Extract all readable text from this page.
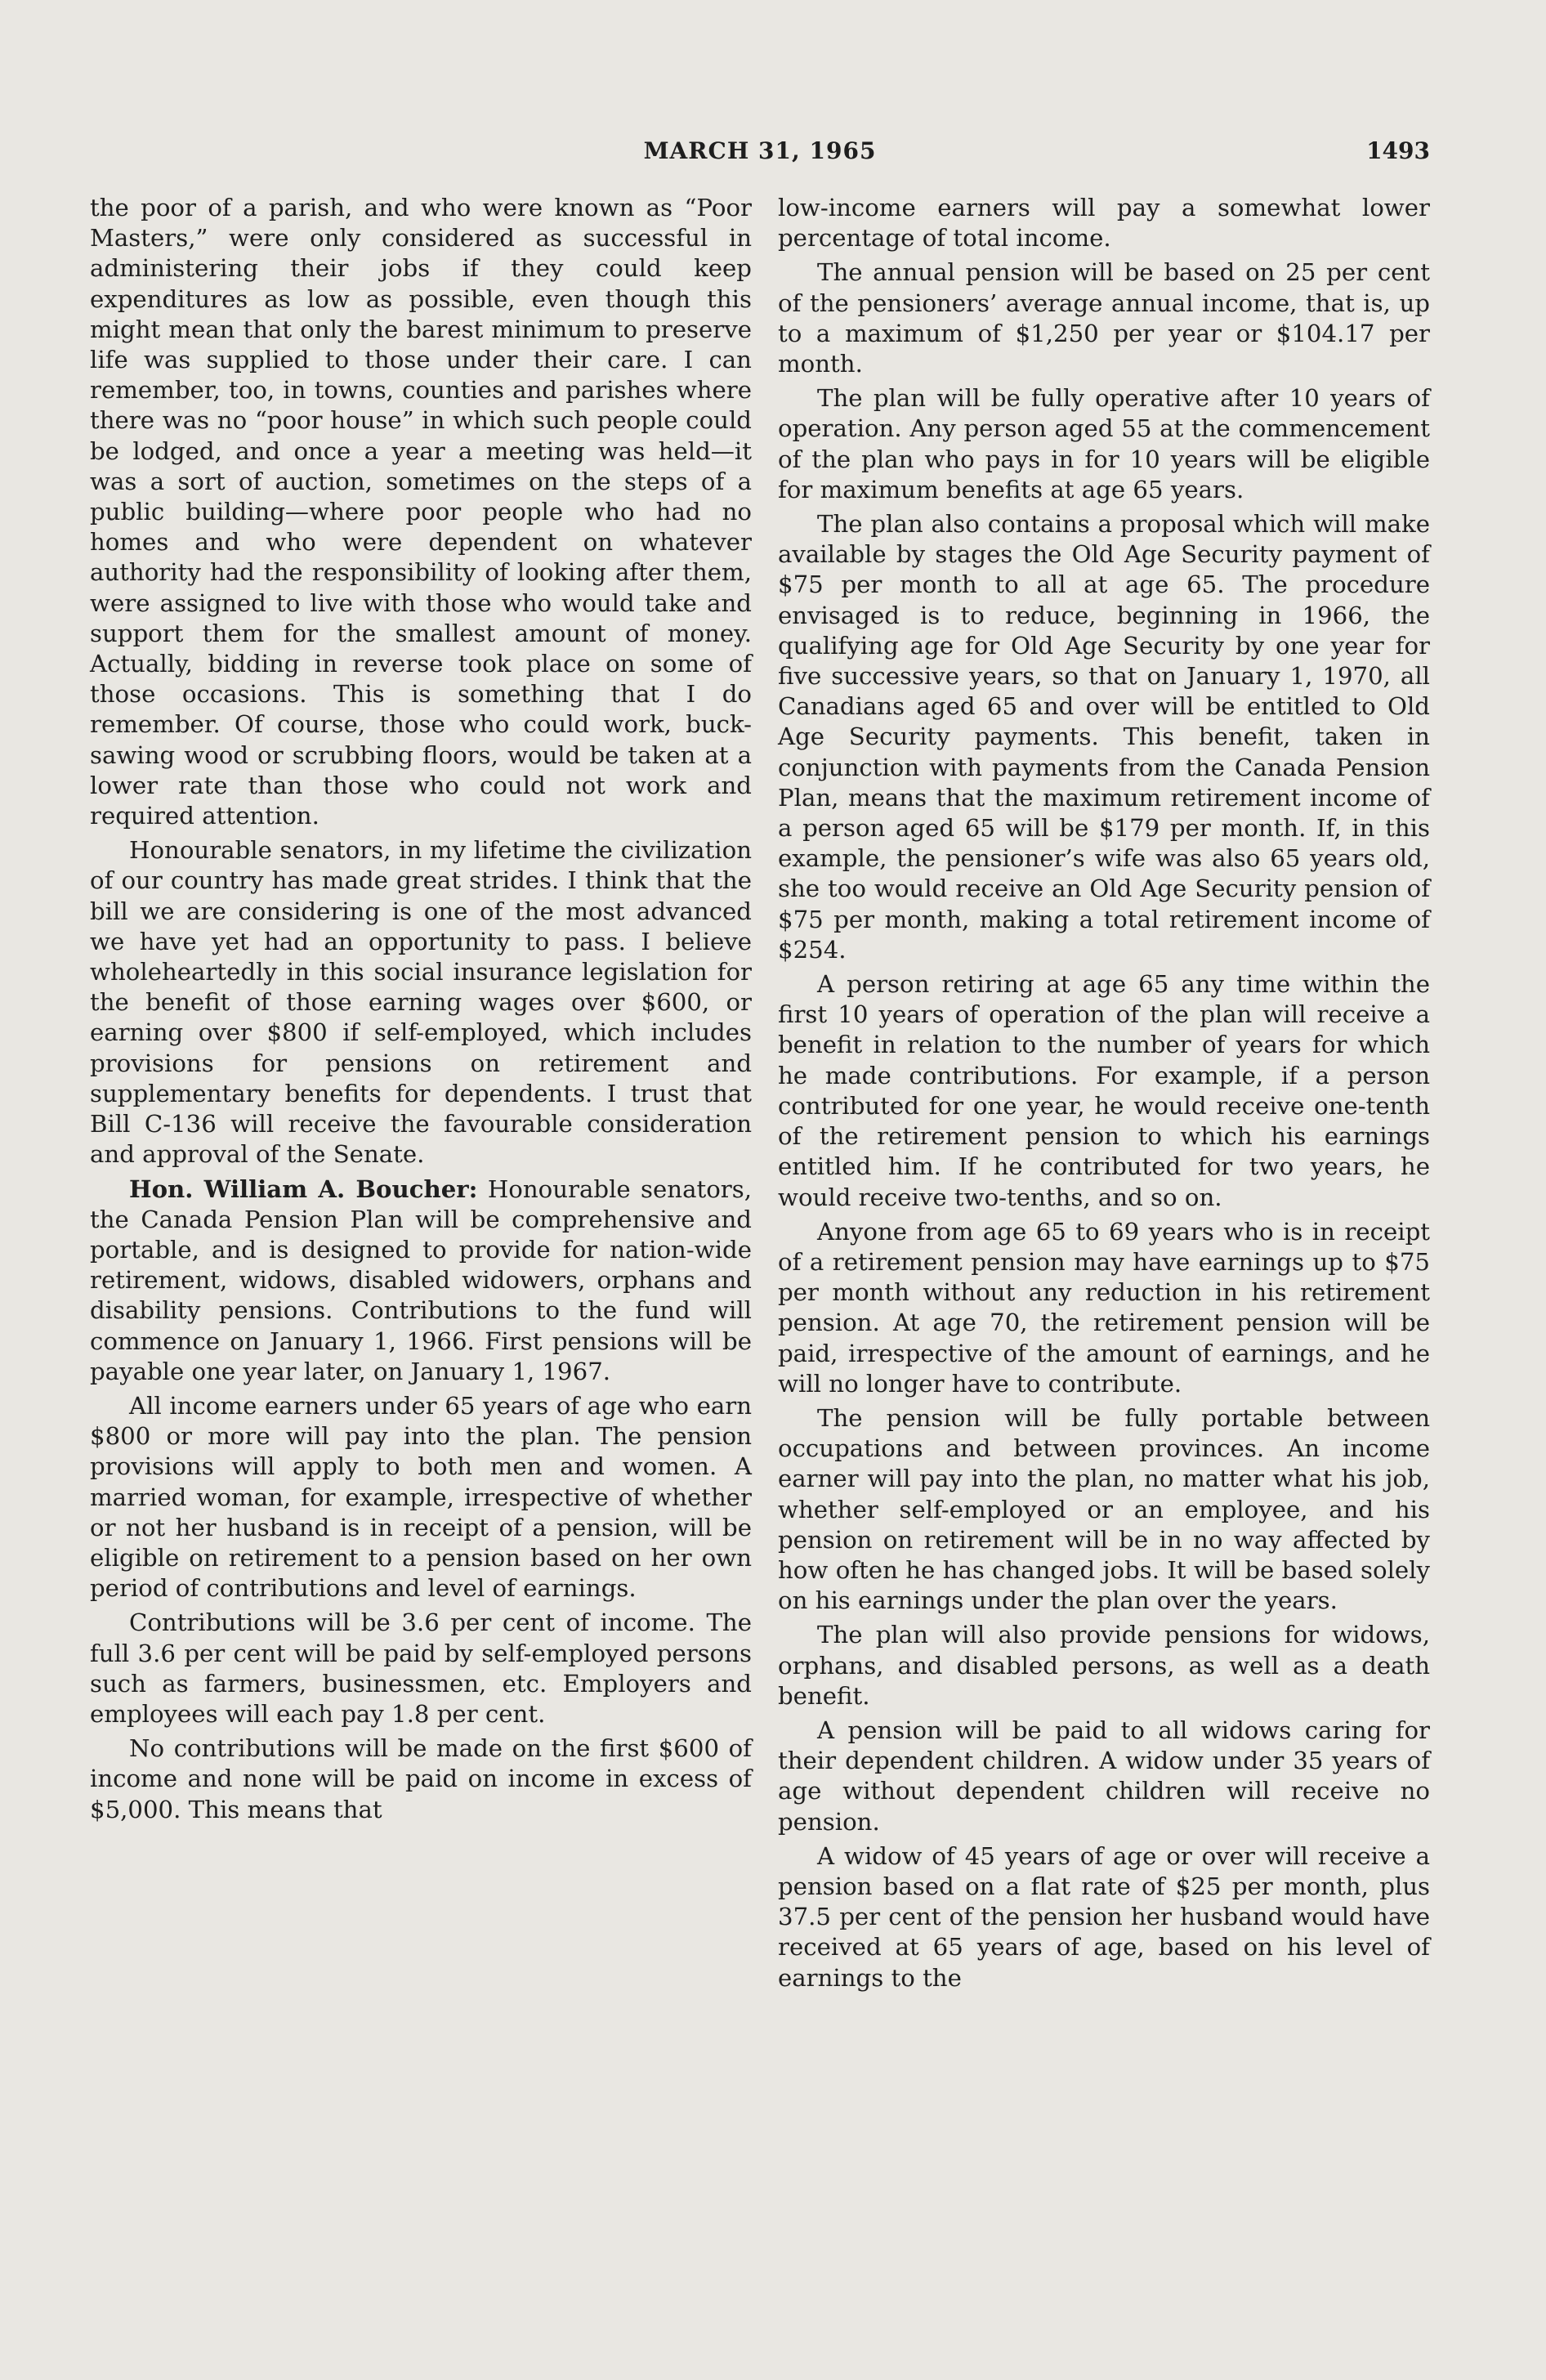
MARCH 31, 1965	1493

the poor of a parish, and who were known as “Poor Masters,” were only considered as successful in administering their jobs if they could keep expenditures as low as possible, even though this might mean that only the barest minimum to preserve life was supplied to those under their care. I can remember, too, in towns, counties and parishes where there was no “poor house” in which such people could be lodged, and once a year a meeting was held—it was a sort of auction, sometimes on the steps of a public building—where poor people who had no homes and who were dependent on whatever authority had the responsibility of looking after them, were assigned to live with those who would take and support them for the smallest amount of money. Actually, bidding in reverse took place on some of those occasions. This is something that I do remember. Of course, those who could work, buck-sawing wood or scrubbing floors, would be taken at a lower rate than those who could not work and required attention.

Honourable senators, in my lifetime the civilization of our country has made great strides. I think that the bill we are considering is one of the most advanced we have yet had an opportunity to pass. I believe wholeheartedly in this social insurance legislation for the benefit of those earning wages over $600, or earning over $800 if self-employed, which includes provisions for pensions on retirement and supplementary benefits for dependents. I trust that Bill C-136 will receive the favourable consideration and approval of the Senate.

Hon. William A. Boucher: Honourable senators, the Canada Pension Plan will be comprehensive and portable, and is designed to provide for nation-wide retirement, widows, disabled widowers, orphans and disability pensions. Contributions to the fund will commence on January 1, 1966. First pensions will be payable one year later, on January 1, 1967.

All income earners under 65 years of age who earn $800 or more will pay into the plan. The pension provisions will apply to both men and women. A married woman, for example, irrespective of whether or not her husband is in receipt of a pension, will be eligible on retirement to a pension based on her own period of contributions and level of earnings.

Contributions will be 3.6 per cent of income. The full 3.6 per cent will be paid by self-employed persons such as farmers, businessmen, etc. Employers and employees will each pay 1.8 per cent.

No contributions will be made on the first $600 of income and none will be paid on income in excess of $5,000. This means that

low-income earners will pay a somewhat lower percentage of total income.

The annual pension will be based on 25 per cent of the pensioners’ average annual income, that is, up to a maximum of $1,250 per year or $104.17 per month.

The plan will be fully operative after 10 years of operation. Any person aged 55 at the commencement of the plan who pays in for 10 years will be eligible for maximum benefits at age 65 years.

The plan also contains a proposal which will make available by stages the Old Age Security payment of $75 per month to all at age 65. The procedure envisaged is to reduce, beginning in 1966, the qualifying age for Old Age Security by one year for five successive years, so that on January 1, 1970, all Canadians aged 65 and over will be entitled to Old Age Security payments. This benefit, taken in conjunction with payments from the Canada Pension Plan, means that the maximum retirement income of a person aged 65 will be $179 per month. If, in this example, the pensioner’s wife was also 65 years old, she too would receive an Old Age Security pension of $75 per month, making a total retirement income of $254.

A person retiring at age 65 any time within the first 10 years of operation of the plan will receive a benefit in relation to the number of years for which he made contributions. For example, if a person contributed for one year, he would receive one-tenth of the retirement pension to which his earnings entitled him. If he contributed for two years, he would receive two-tenths, and so on.

Anyone from age 65 to 69 years who is in receipt of a retirement pension may have earnings up to $75 per month without any reduction in his retirement pension. At age 70, the retirement pension will be paid, irrespective of the amount of earnings, and he will no longer have to contribute.

The pension will be fully portable between occupations and between provinces. An income earner will pay into the plan, no matter what his job, whether self-employed or an employee, and his pension on retirement will be in no way affected by how often he has changed jobs. It will be based solely on his earnings under the plan over the years.

The plan will also provide pensions for widows, orphans, and disabled persons, as well as a death benefit.

A pension will be paid to all widows caring for their dependent children. A widow under 35 years of age without dependent children will receive no pension.

A widow of 45 years of age or over will receive a pension based on a flat rate of $25 per month, plus 37.5 per cent of the pension her husband would have received at 65 years of age, based on his level of earnings to the
